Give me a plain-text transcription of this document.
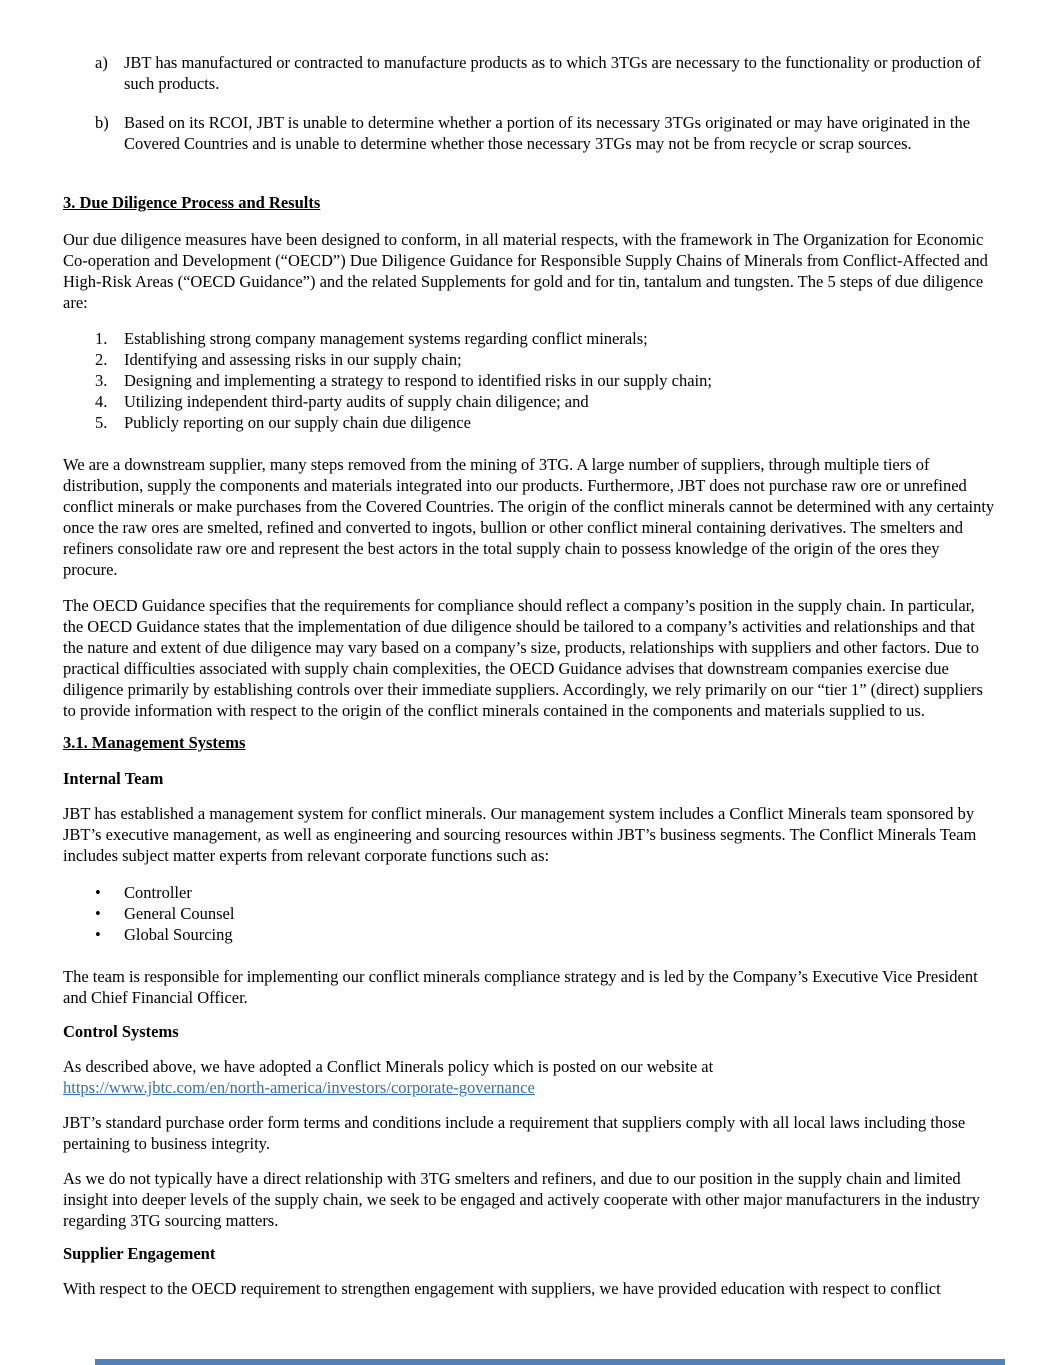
a) JBT has manufactured or contracted to manufacture products as to which 3TGs are necessary to the functionality or production of such products.
b) Based on its RCOI, JBT is unable to determine whether a portion of its necessary 3TGs originated or may have originated in the Covered Countries and is unable to determine whether those necessary 3TGs may not be from recycle or scrap sources.
3. Due Diligence Process and Results

Our due diligence measures have been designed to conform, in all material respects, with the framework in The Organization for Economic Co-operation and Development (“OECD”) Due Diligence Guidance for Responsible Supply Chains of Minerals from Conflict-Affected and High-Risk Areas (“OECD Guidance”) and the related Supplements for gold and for tin, tantalum and tungsten. The 5 steps of due diligence are:

1.	Establishing strong company management systems regarding conflict minerals;
2.	Identifying and assessing risks in our supply chain;
3.	Designing and implementing a strategy to respond to identified risks in our supply chain;
4.	Utilizing independent third-party audits of supply chain diligence; and
5.	Publicly reporting on our supply chain due diligence

We are a downstream supplier, many steps removed from the mining of 3TG. A large number of suppliers, through multiple tiers of distribution, supply the components and materials integrated into our products. Furthermore, JBT does not purchase raw ore or unrefined conflict minerals or make purchases from the Covered Countries. The origin of the conflict minerals cannot be determined with any certainty once the raw ores are smelted, refined and converted to ingots, bullion or other conflict mineral containing derivatives. The smelters and refiners consolidate raw ore and represent the best actors in the total supply chain to possess knowledge of the origin of the ores they procure.

The OECD Guidance specifies that the requirements for compliance should reflect a company’s position in the supply chain. In particular, the OECD Guidance states that the implementation of due diligence should be tailored to a company’s activities and relationships and that the nature and extent of due diligence may vary based on a company’s size, products, relationships with suppliers and other factors. Due to practical difficulties associated with supply chain complexities, the OECD Guidance advises that downstream companies exercise due diligence primarily by establishing controls over their immediate suppliers. Accordingly, we rely primarily on our “tier 1” (direct) suppliers to provide information with respect to the origin of the conflict minerals contained in the components and materials supplied to us.

3.1. Management Systems
Internal Team

JBT has established a management system for conflict minerals. Our management system includes a Conflict Minerals team sponsored by JBT’s executive management, as well as engineering and sourcing resources within JBT’s business segments. The Conflict Minerals Team includes subject matter experts from relevant corporate functions such as:

•	Controller
•	General Counsel
•	Global Sourcing

The team is responsible for implementing our conflict minerals compliance strategy and is led by the Company’s Executive Vice President and Chief Financial Officer.

Control Systems

As described above, we have adopted a Conflict Minerals policy which is posted on our website at
https://www.jbtc.com/en/north-america/investors/corporate-governance

JBT’s standard purchase order form terms and conditions include a requirement that suppliers comply with all local laws including those pertaining to business integrity.

As we do not typically have a direct relationship with 3TG smelters and refiners, and due to our position in the supply chain and limited insight into deeper levels of the supply chain, we seek to be engaged and actively cooperate with other major manufacturers in the industry regarding 3TG sourcing matters.

Supplier Engagement

With respect to the OECD requirement to strengthen engagement with suppliers, we have provided education with respect to conflict
